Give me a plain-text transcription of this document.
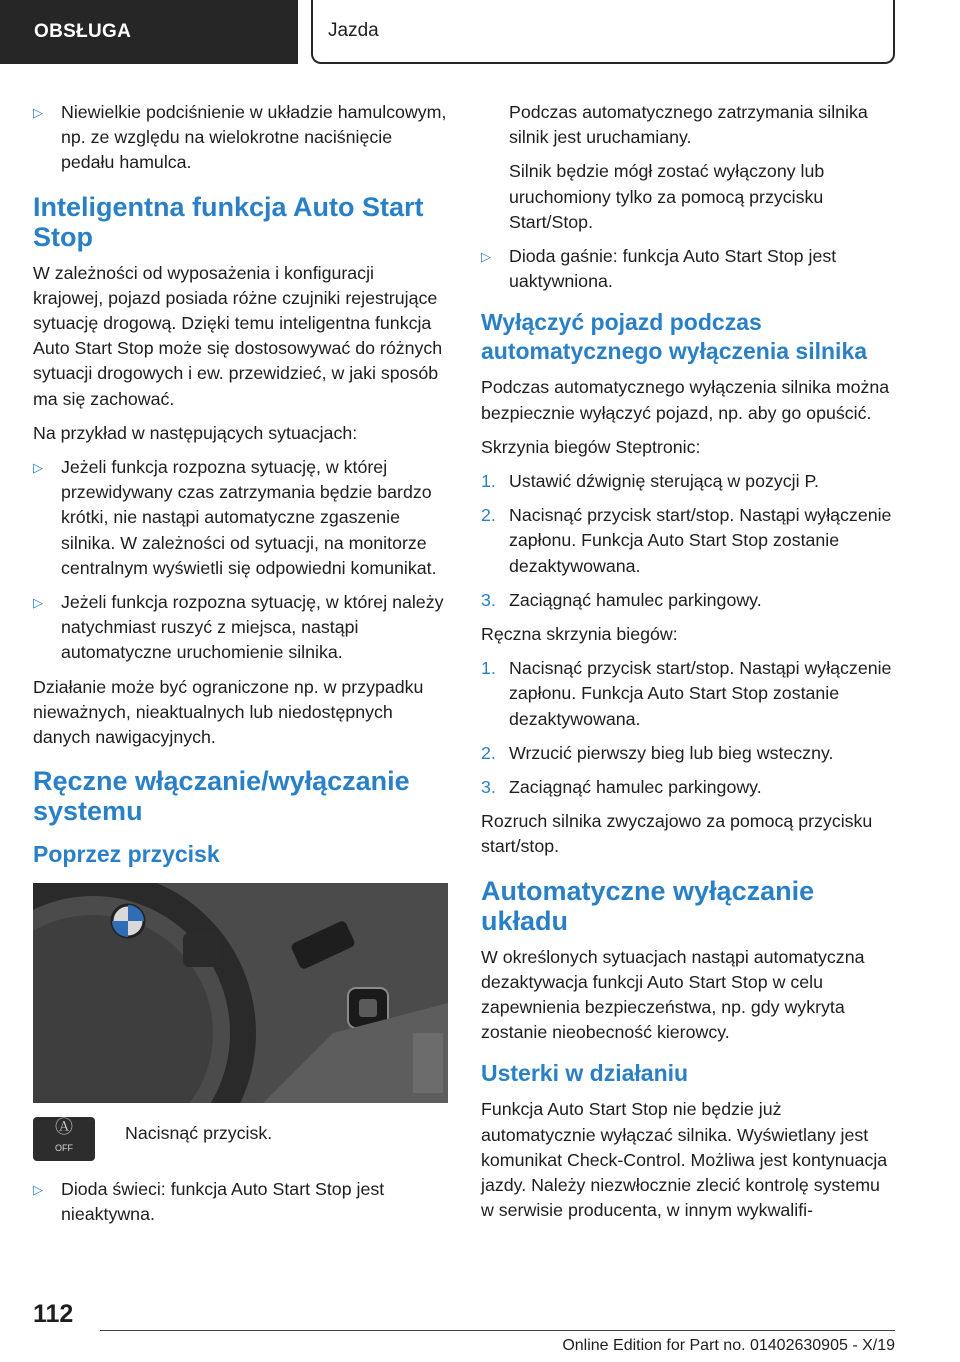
OBSŁUGA	Jazda
▷	Niewielkie podciśnienie w układzie hamulcowym, np. ze względu na wielokrotne naciśnięcie pedału hamulca.
Inteligentna funkcja Auto Start Stop

W zależności od wyposażenia i konfiguracji krajowej, pojazd posiada różne czujniki rejestrujące sytuację drogową. Dzięki temu inteligentna funkcja Auto Start Stop może się dostosowywać do różnych sytuacji drogowych i ew. przewidzieć, w jaki sposób ma się zachować.

Na przykład w następujących sytuacjach:

▷	Jeżeli funkcja rozpozna sytuację, w której przewidywany czas zatrzymania będzie bardzo krótki, nie nastąpi automatyczne zgaszenie silnika. W zależności od sytuacji, na monitorze centralnym wyświetli się odpowiedni komunikat.
▷	Jeżeli funkcja rozpozna sytuację, w której należy natychmiast ruszyć z miejsca, nastąpi automatyczne uruchomienie silnika.

Działanie może być ograniczone np. w przypadku nieważnych, nieaktualnych lub niedostępnych danych nawigacyjnych.

Ręczne włączanie/wyłączanie systemu
Poprzez przycisk
Ⓐ
OFF
Nacisnąć przycisk.
▷	Dioda świeci: funkcja Auto Start Stop jest nieaktywna.

Podczas automatycznego zatrzymania silnika silnik jest uruchamiany.

Silnik będzie mógł zostać wyłączony lub uruchomiony tylko za pomocą przycisku Start/Stop.

▷	Dioda gaśnie: funkcja Auto Start Stop jest uaktywniona.
Wyłączyć pojazd podczas automatycznego wyłączenia silnika

Podczas automatycznego wyłączenia silnika można bezpiecznie wyłączyć pojazd, np. aby go opuścić.

Skrzynia biegów Steptronic:

1. Ustawić dźwignię sterującą w pozycji P.
2. Nacisnąć przycisk start/stop. Nastąpi wyłączenie zapłonu. Funkcja Auto Start Stop zostanie dezaktywowana.
3. Zaciągnąć hamulec parkingowy.

Ręczna skrzynia biegów:

1. Nacisnąć przycisk start/stop. Nastąpi wyłączenie zapłonu. Funkcja Auto Start Stop zostanie dezaktywowana.
2. Wrzucić pierwszy bieg lub bieg wsteczny.
3. Zaciągnąć hamulec parkingowy.

Rozruch silnika zwyczajowo za pomocą przycisku start/stop.

Automatyczne wyłączanie układu

W określonych sytuacjach nastąpi automatyczna dezaktywacja funkcji Auto Start Stop w celu zapewnienia bezpieczeństwa, np. gdy wykryta zostanie nieobecność kierowcy.

Usterki w działaniu

Funkcja Auto Start Stop nie będzie już automatycznie wyłączać silnika. Wyświetlany jest komunikat Check-Control. Możliwa jest kontynuacja jazdy. Należy niezwłocznie zlecić kontrolę systemu w serwisie producenta, w innym wykwalifi-

112
Online Edition for Part no. 01402630905 - X/19
